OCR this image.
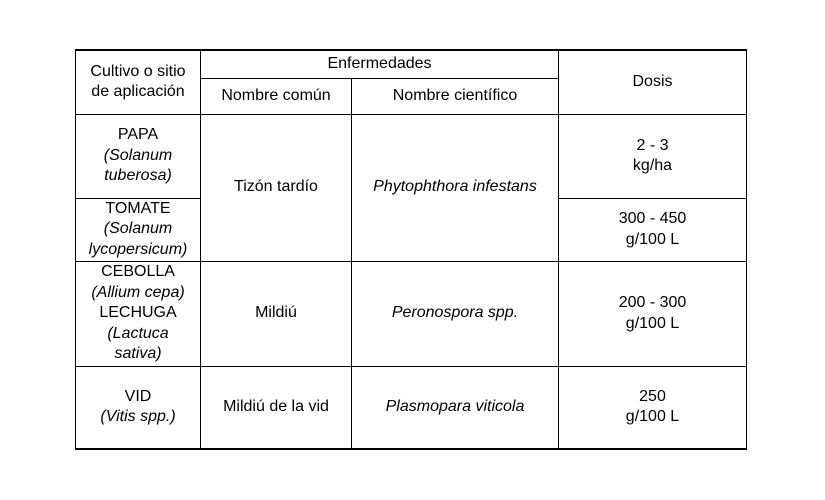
Cultivo o sitio
de aplicación	Enfermedades		Dosis
	Nombre común	Nombre científico	

PAPA
(Solanum
tuberosa)	Tizón tardío	Phytophthora infestans	2 - 3
kg/ha

TOMATE
(Solanum
lycopersicum)			300 - 450
g/100 L

CEBOLLA
(Allium cepa)
LECHUGA
(Lactuca
sativa)	Mildiú	Peronospora spp.	200 - 300
g/100 L

VID
(Vitis spp.)	Mildiú de la vid	Plasmopara viticola	250
g/100 L
